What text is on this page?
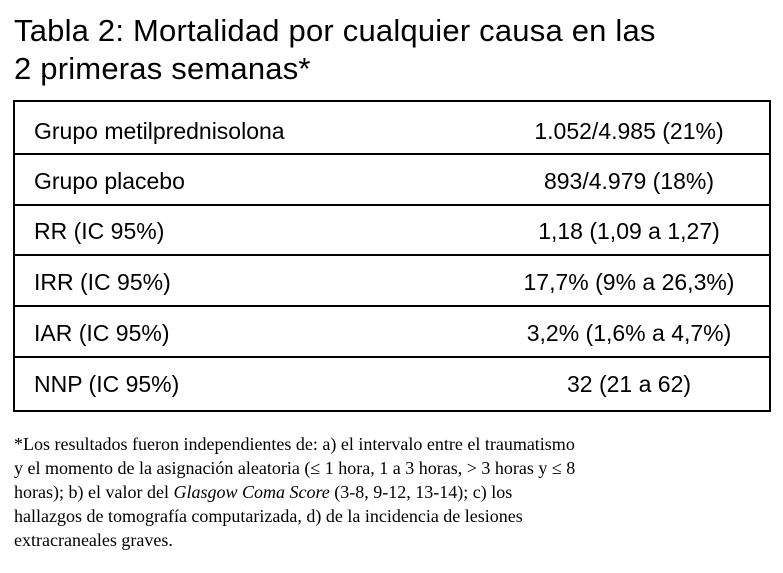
Tabla 2: Mortalidad por cualquier causa en las
2 primeras semanas*
Grupo metilprednisolona	1.052/4.985 (21%)
Grupo placebo	893/4.979 (18%)
RR (IC 95%)	1,18 (1,09 a 1,27)
IRR (IC 95%)	17,7% (9% a 26,3%)
IAR (IC 95%)	3,2% (1,6% a 4,7%)
NNP (IC 95%)	32 (21 a 62)

*Los resultados fueron independientes de: a) el intervalo entre el traumatismo

y el momento de la asignación aleatoria (≤ 1 hora, 1 a 3 horas, > 3 horas y ≤ 8

horas); b) el valor del Glasgow Coma Score (3-8, 9-12, 13-14); c) los

hallazgos de tomografía computarizada, d) de la incidencia de lesiones

extracraneales graves.
